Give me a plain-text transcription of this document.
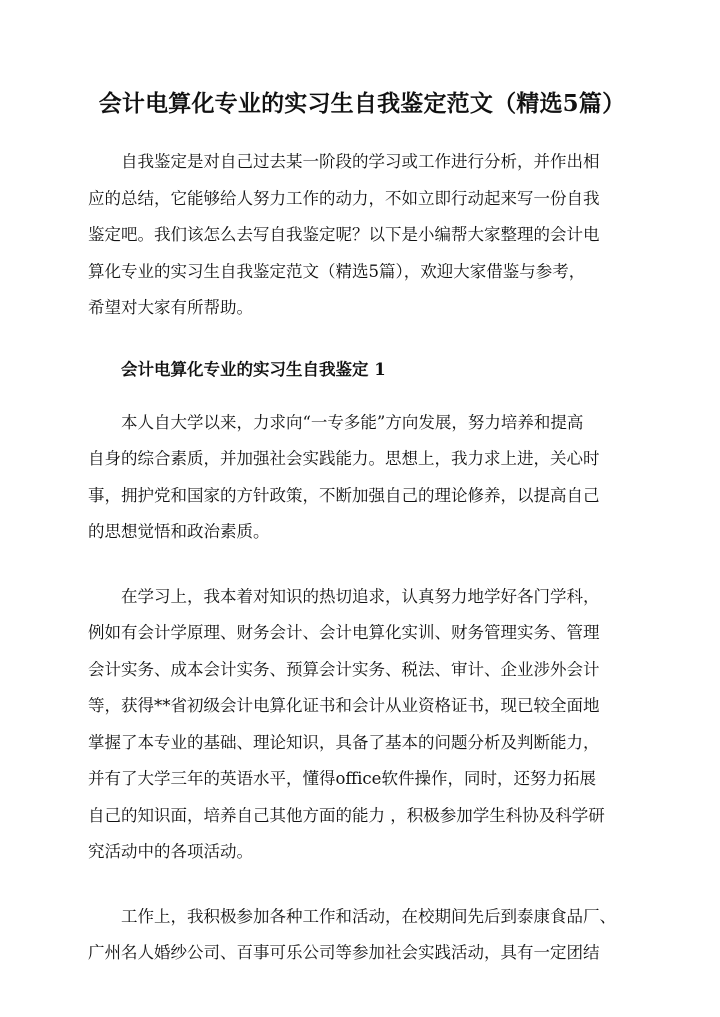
会计电算化专业的实习生自我鉴定范文（精选5篇）
自我鉴定是对自己过去某一阶段的学习或工作进行分析，并作出相
应的总结，它能够给人努力工作的动力，不如立即行动起来写一份自我
鉴定吧。我们该怎么去写自我鉴定呢？以下是小编帮大家整理的会计电
算化专业的实习生自我鉴定范文（精选5篇），欢迎大家借鉴与参考，
希望对大家有所帮助。
会计电算化专业的实习生自我鉴定 1
本人自大学以来，力求向“一专多能”方向发展，努力培养和提高
自身的综合素质，并加强社会实践能力。思想上，我力求上进，关心时
事，拥护党和国家的方针政策，不断加强自己的理论修养，以提高自己
的思想觉悟和政治素质。
在学习上，我本着对知识的热切追求，认真努力地学好各门学科，
例如有会计学原理、财务会计、会计电算化实训、财务管理实务、管理
会计实务、成本会计实务、预算会计实务、税法、审计、企业涉外会计
等，获得**省初级会计电算化证书和会计从业资格证书，现已较全面地
掌握了本专业的基础、理论知识，具备了基本的问题分析及判断能力，
并有了大学三年的英语水平，懂得office软件操作，同时，还努力拓展
自己的知识面，培养自己其他方面的能力 ，积极参加学生科协及科学研
究活动中的各项活动。
工作上，我积极参加各种工作和活动，在校期间先后到泰康食品厂、
广州名人婚纱公司、百事可乐公司等参加社会实践活动，具有一定团结
